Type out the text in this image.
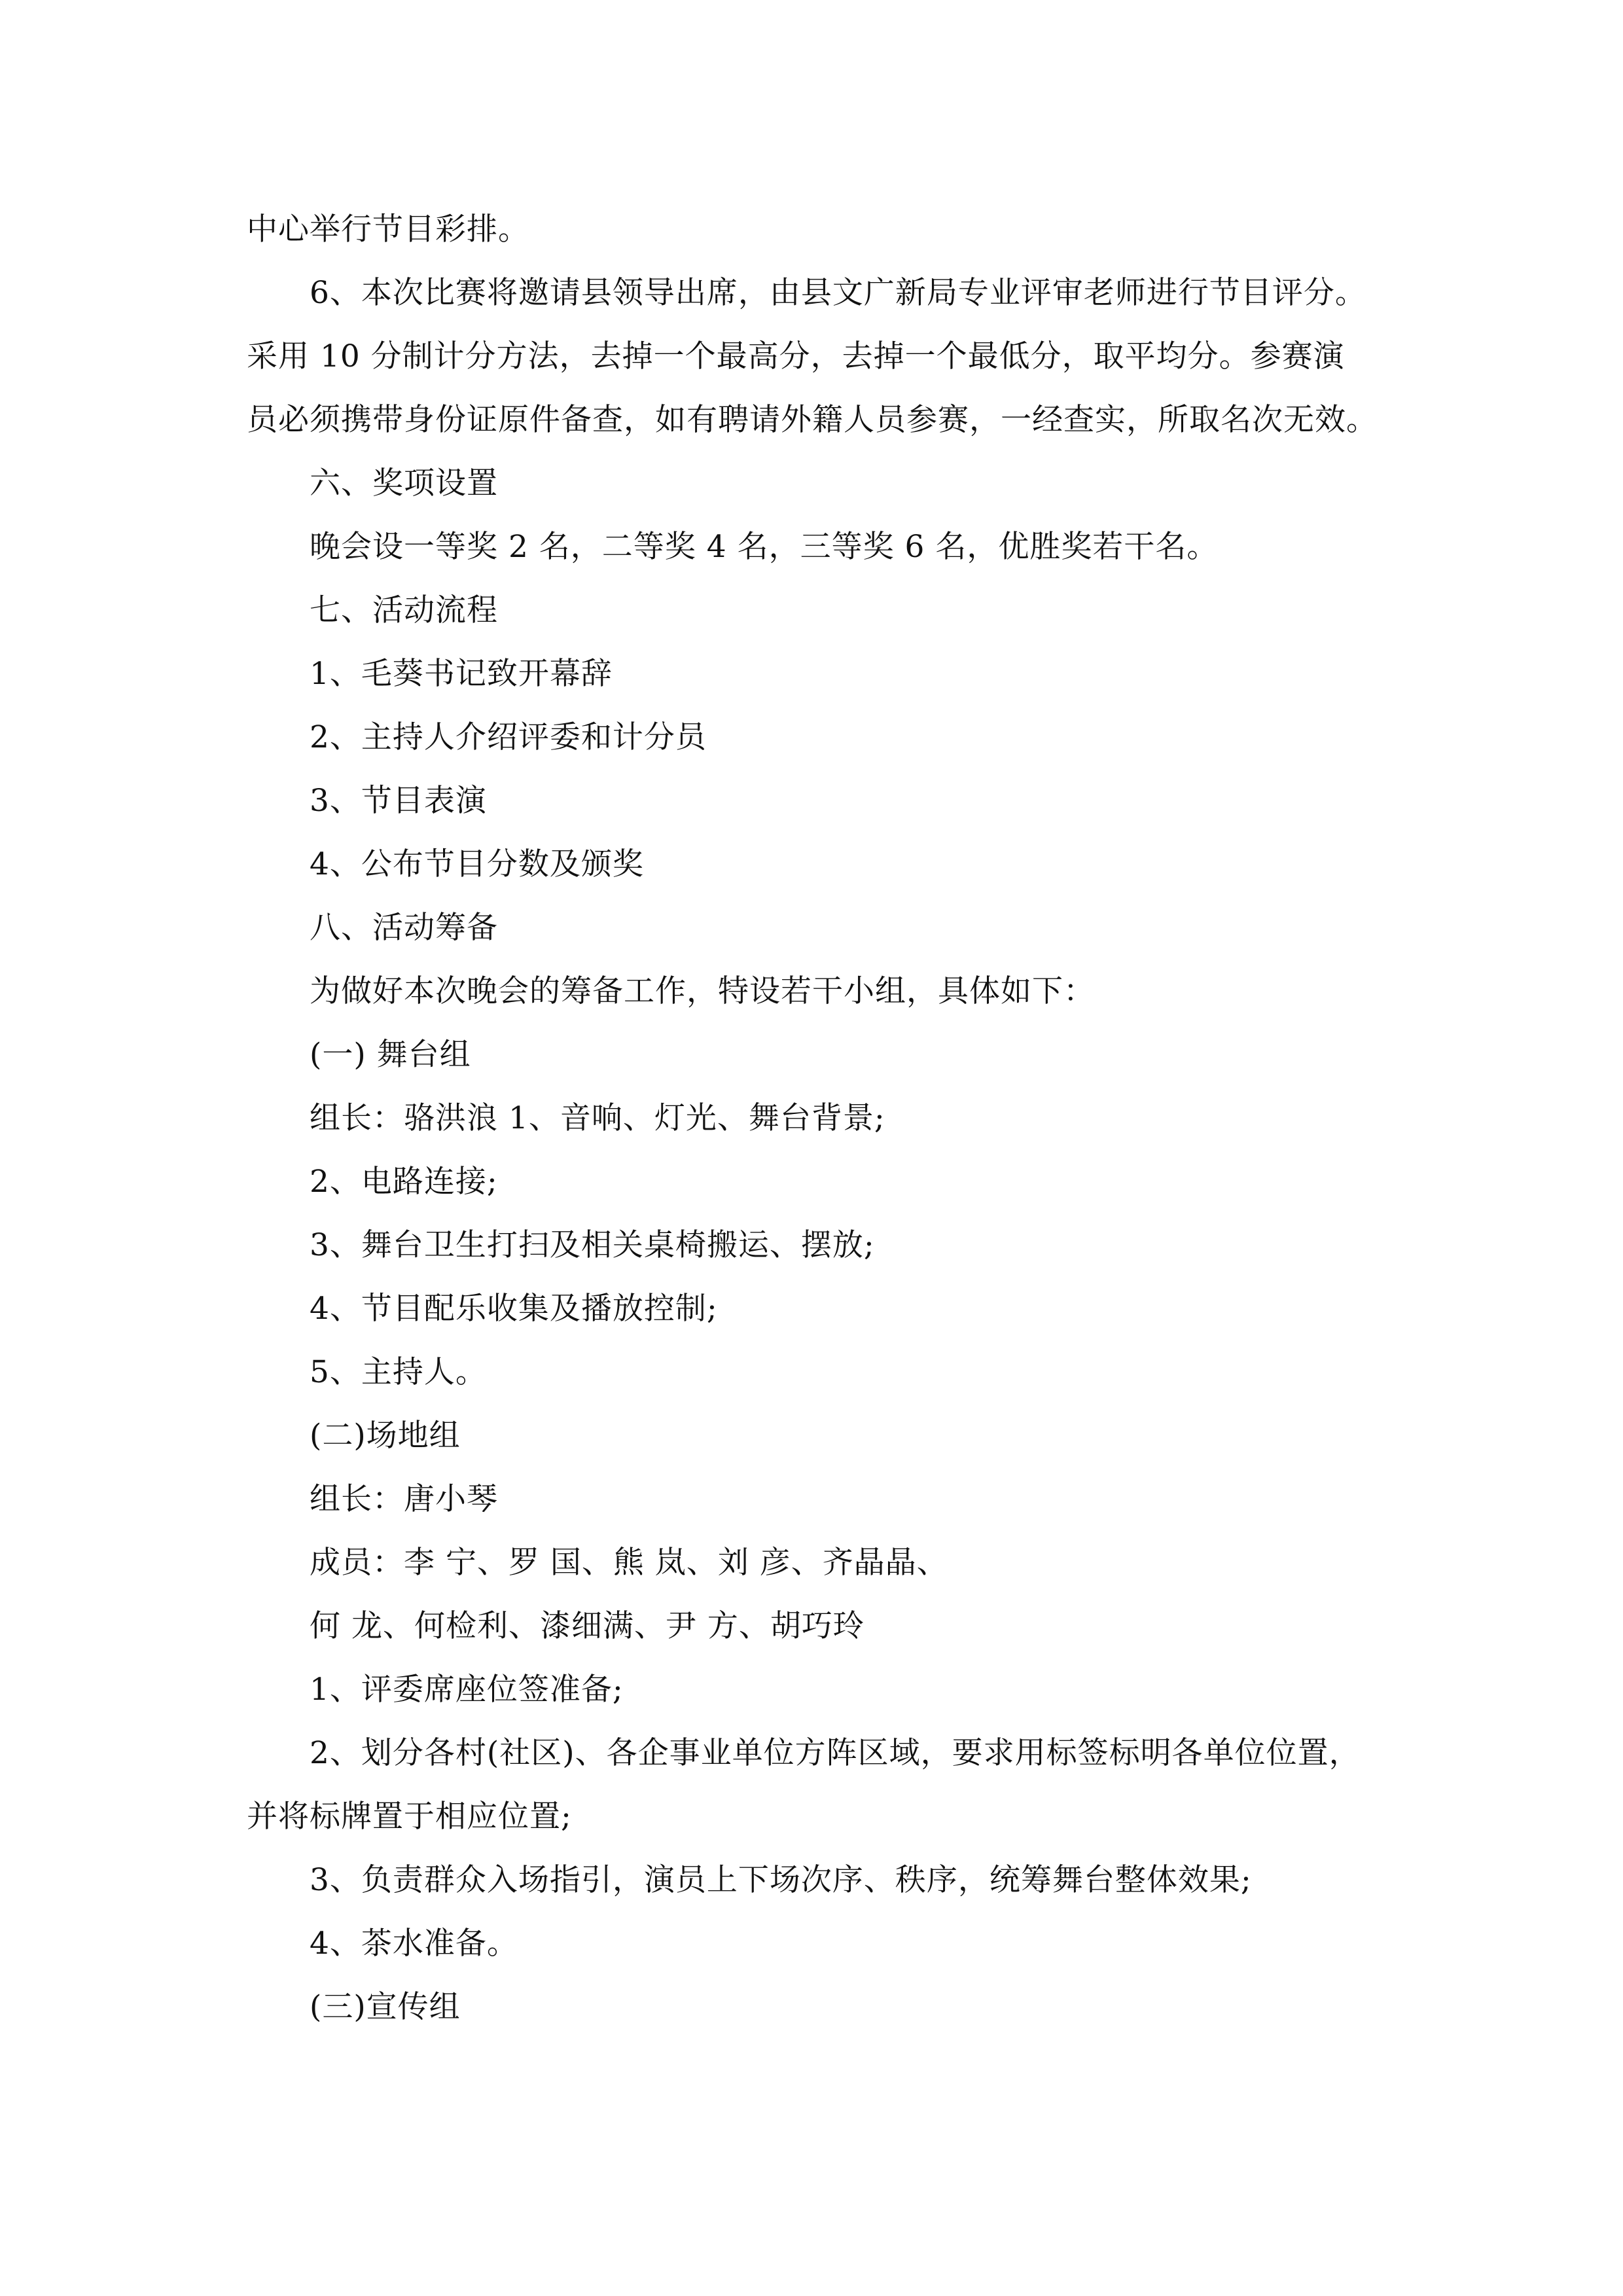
中心举行节目彩排。
6、本次比赛将邀请县领导出席，由县文广新局专业评审老师进行节目评分。
采用 10 分制计分方法，去掉一个最高分，去掉一个最低分，取平均分。参赛演
员必须携带身份证原件备查，如有聘请外籍人员参赛，一经查实，所取名次无效。
六、奖项设置
晚会设一等奖 2 名，二等奖 4 名，三等奖 6 名，优胜奖若干名。
七、活动流程
1、毛葵书记致开幕辞
2、主持人介绍评委和计分员
3、节目表演
4、公布节目分数及颁奖
八、活动筹备
为做好本次晚会的筹备工作，特设若干小组，具体如下：
(一) 舞台组
组长：骆洪浪 1、音响、灯光、舞台背景;
2、电路连接;
3、舞台卫生打扫及相关桌椅搬运、摆放;
4、节目配乐收集及播放控制;
5、主持人。
(二)场地组
组长：唐小琴
成员：李 宁、罗 国、熊 岚、刘 彦、齐晶晶、
何 龙、何检利、漆细满、尹 方、胡巧玲
1、评委席座位签准备;
2、划分各村(社区)、各企事业单位方阵区域，要求用标签标明各单位位置，
并将标牌置于相应位置;
3、负责群众入场指引，演员上下场次序、秩序，统筹舞台整体效果;
4、茶水准备。
(三)宣传组
